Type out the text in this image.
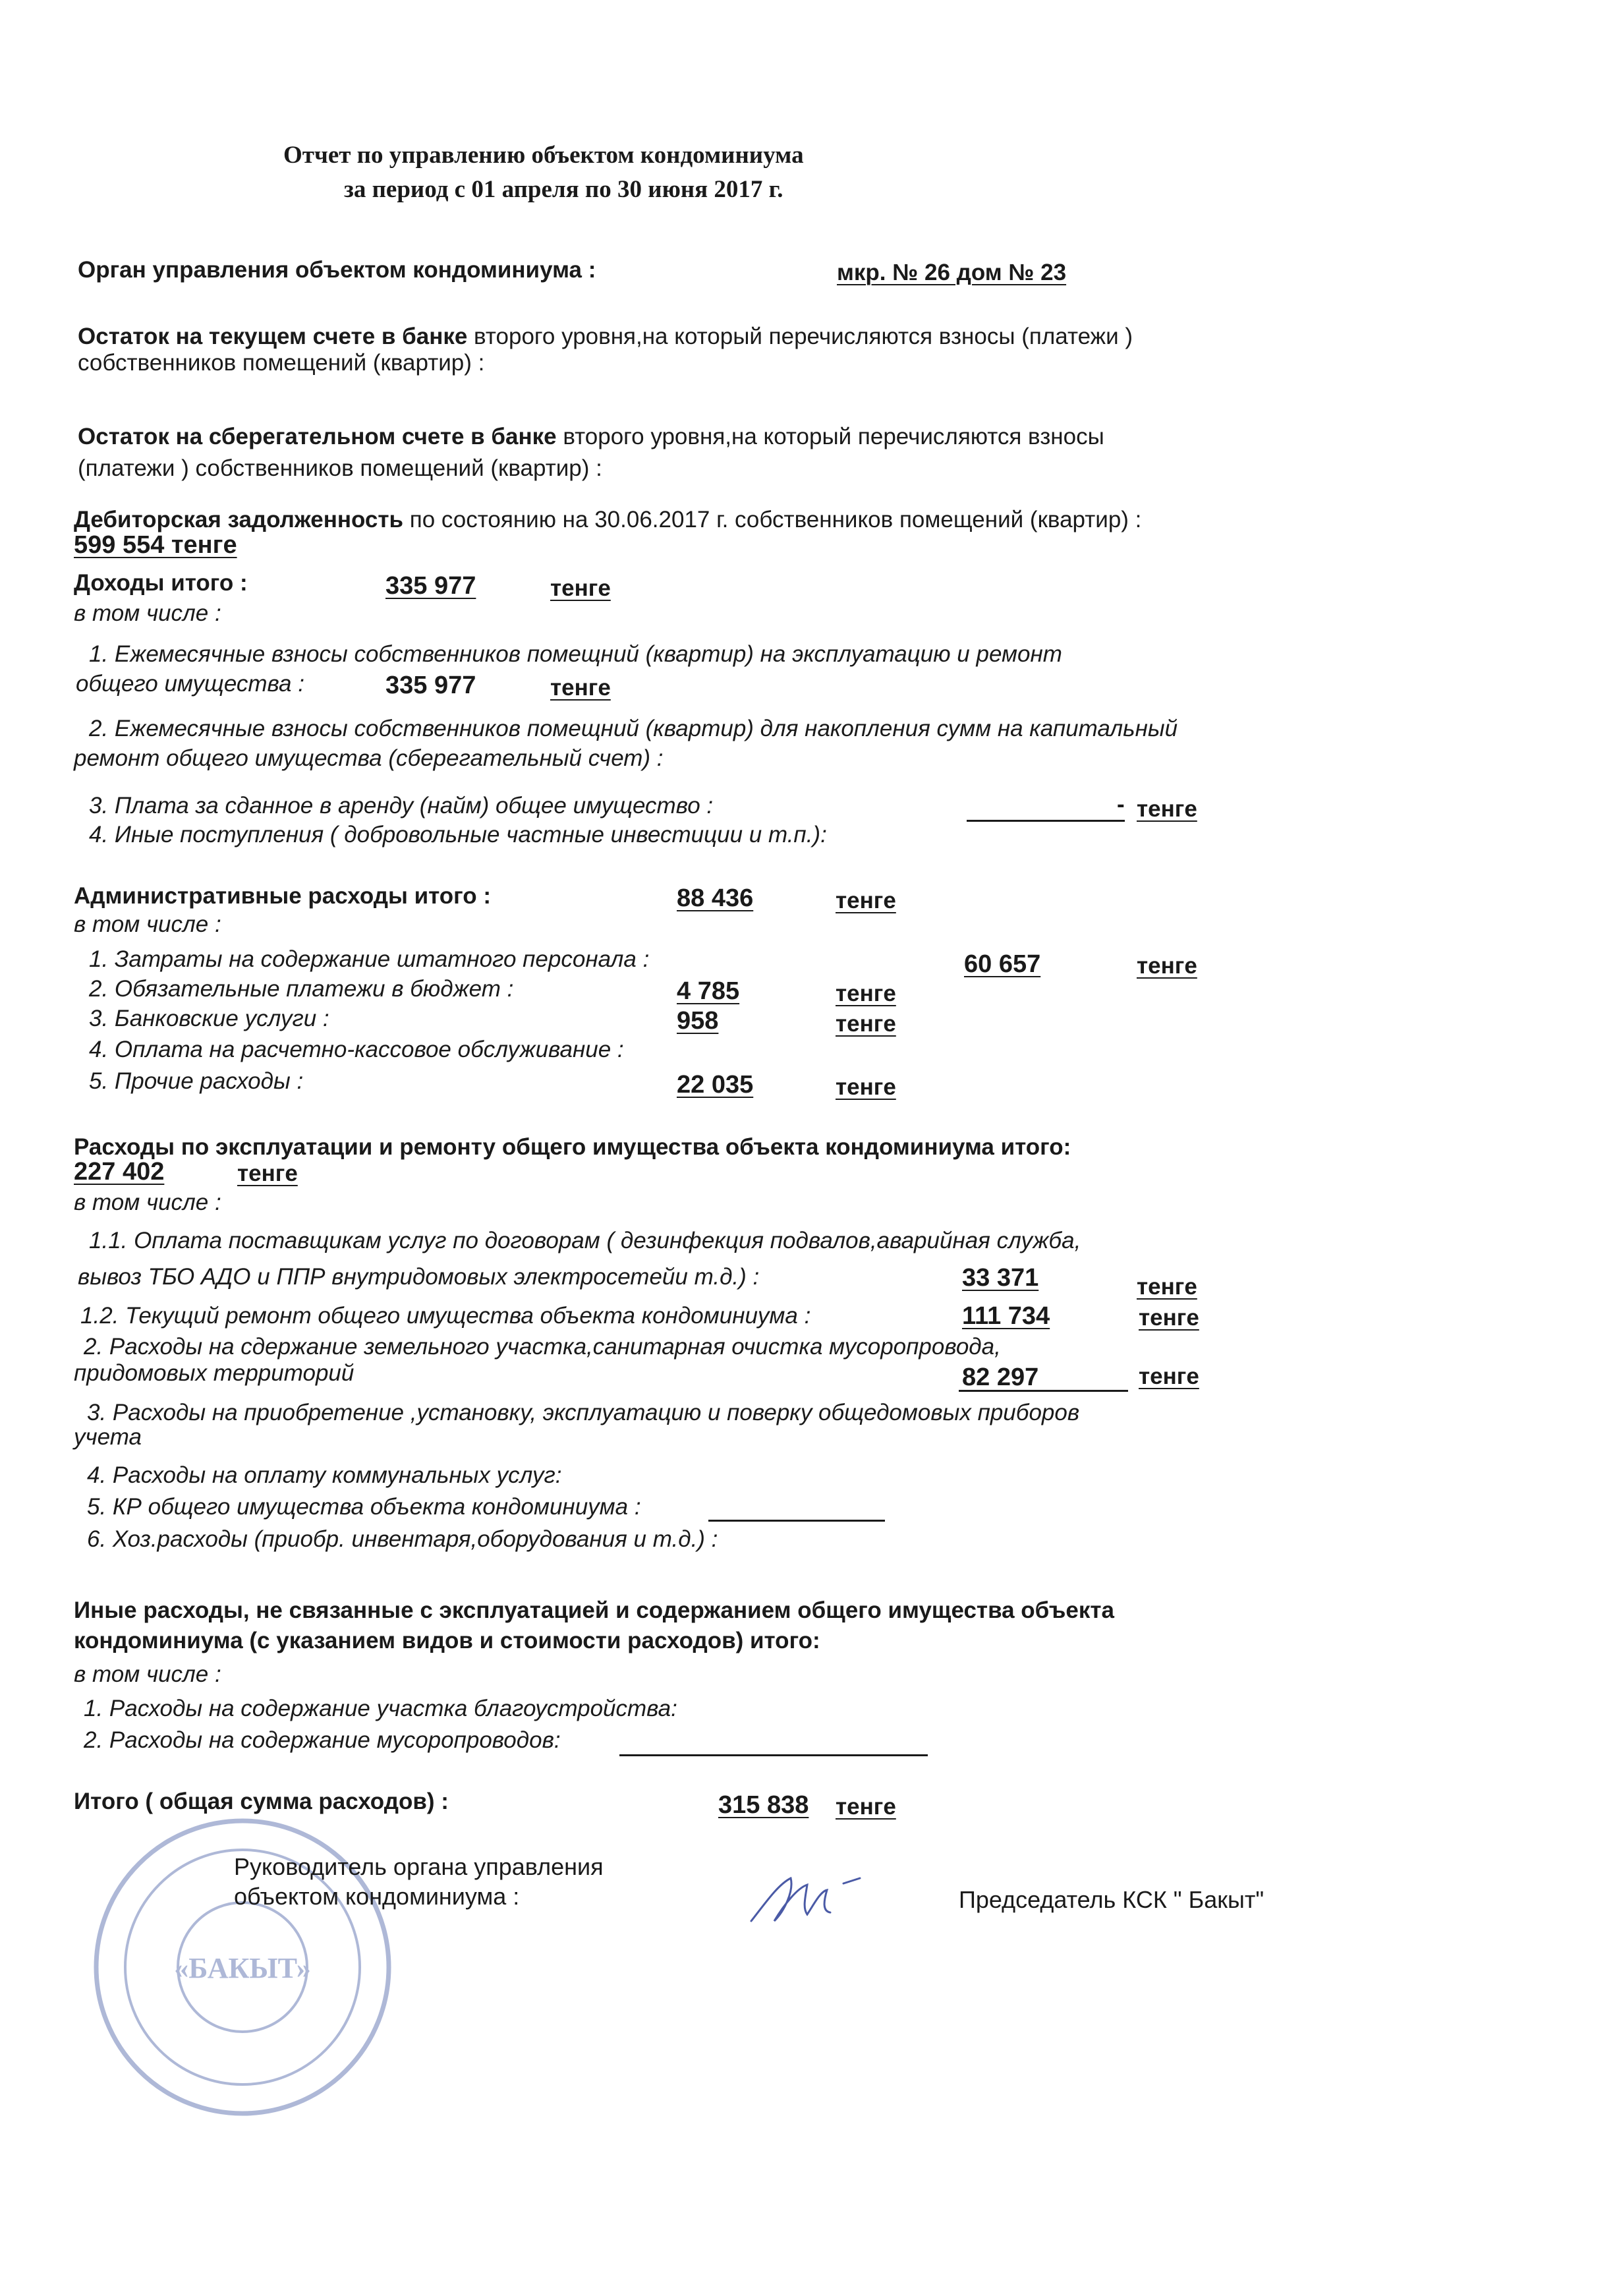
Отчет по управлению объектом кондоминиума
за период с 01 апреля по 30 июня 2017 г.
Орган управления объектом кондоминиума :	мкр. № 26 дом № 23
Остаток на текущем счете в банке второго уровня,на который перечисляются взносы (платежи )
собственников помещений (квартир) :
Остаток на сберегательном счете в банке второго уровня,на который перечисляются взносы
(платежи ) собственников помещений (квартир) :
Дебиторская задолженность по состоянию на 30.06.2017 г. собственников помещений (квартир) :
599 554 тенге
Доходы итого :	335 977	тенге
в том числе :
1. Ежемесячные взносы собственников помещний (квартир) на эксплуатацию и ремонт
общего имущества :	335 977	тенге
2. Ежемесячные взносы собственников помещний (квартир) для накопления сумм на капитальный
ремонт общего имущества (сберегательный счет) :
3. Плата за сданное в аренду (найм) общее имущество :	- тенге
4. Иные поступления ( добровольные частные инвестиции и т.п.):
Административные расходы итого :	88 436	тенге
в том числе :
1. Затраты на содержание штатного персонала :	60 657	тенге
2. Обязательные платежи в бюджет :	4 785	тенге
3. Банковские услуги :	958	тенге
4. Оплата на расчетно-кассовое обслуживание :
5. Прочие расходы :	22 035	тенге
Расходы по эксплуатации и ремонту общего имущества объекта кондоминиума итого:
227 402	тенге
в том числе :
1.1. Оплата поставщикам услуг по договорам ( дезинфекция подвалов,аварийная служба,
вывоз ТБО АДО и ППР внутридомовых электросетейи т.д.) :	33 371	тенге
1.2. Текущий ремонт общего имущества объекта кондоминиума :	111 734	тенге
2. Расходы на сдержание земельного участка,санитарная очистка мусоропровода,
придомовых территорий	82 297	тенге
3. Расходы на приобретение ,установку, эксплуатацию и поверку общедомовых приборов
учета
4. Расходы на оплату коммунальных услуг:
5. КР общего имущества объекта кондоминиума :
6. Хоз.расходы (приобр. инвентаря,оборудования и т.д.) :
Иные расходы, не связанные с эксплуатацией и содержанием общего имущества объекта
кондоминиума (с указанием видов и стоимости расходов) итого:
в том числе :
1. Расходы на содержание участка благоустройства:
2. Расходы на содержание мусоропроводов:
Итого ( общая сумма расходов) :	315 838 тенге
«БАКЫТ»
Руководитель органа управления
объектом кондоминиума :	Председатель КСК " Бакыт"
